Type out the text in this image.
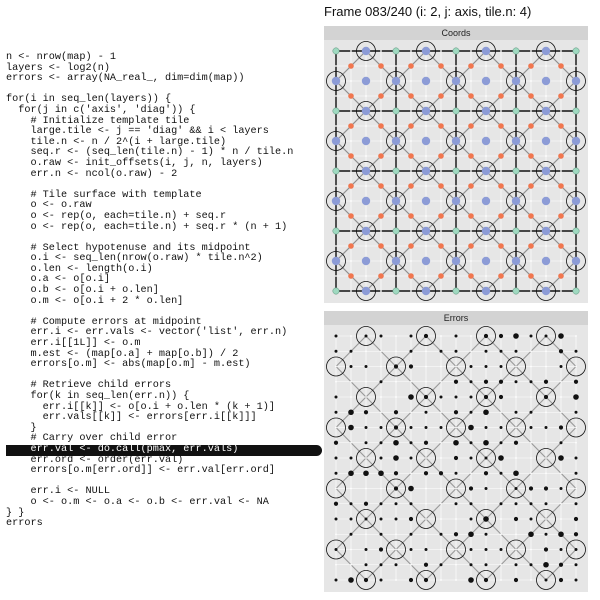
Frame 083/240 (i: 2, j: axis, tile.n: 4)
n <- nrow(map) - 1
layers <- log2(n)
errors <- array(NA_real_, dim=dim(map))

for(i in seq_len(layers)) {
for(j in c('axis', 'diag')) {
# Initialize template tile
large.tile <- j == 'diag' && i < layers
tile.n <- n / 2^(i + large.tile)
seq.r <- (seq_len(tile.n) - 1) * n / tile.n
o.raw <- init_offsets(i, j, n, layers)
err.n <- ncol(o.raw) - 2

# Tile surface with template
o <- o.raw
o <- rep(o, each=tile.n) + seq.r
o <- rep(o, each=tile.n) + seq.r * (n + 1)

# Select hypotenuse and its midpoint
o.i <- seq_len(nrow(o.raw) * tile.n^2)
o.len <- length(o.i)
o.a <- o[o.i]
o.b <- o[o.i + o.len]
o.m <- o[o.i + 2 * o.len]

# Compute errors at midpoint
err.i <- err.vals <- vector('list', err.n)
err.i[[1L]] <- o.m
m.est <- (map[o.a] + map[o.b]) / 2
errors[o.m] <- abs(map[o.m] - m.est)

# Retrieve child errors
for(k in seq_len(err.n)) {
err.i[[k]] <- o[o.i + o.len * (k + 1)]
err.vals[[k]] <- errors[err.i[[k]]]
}
# Carry over child error
err.val <- do.call(pmax, err.vals)
err.ord <- order(err.val)
errors[o.m[err.ord]] <- err.val[err.ord]

err.i <- NULL
o <- o.m <- o.a <- o.b <- err.val <- NA
} }
errors
Coords
Errors
